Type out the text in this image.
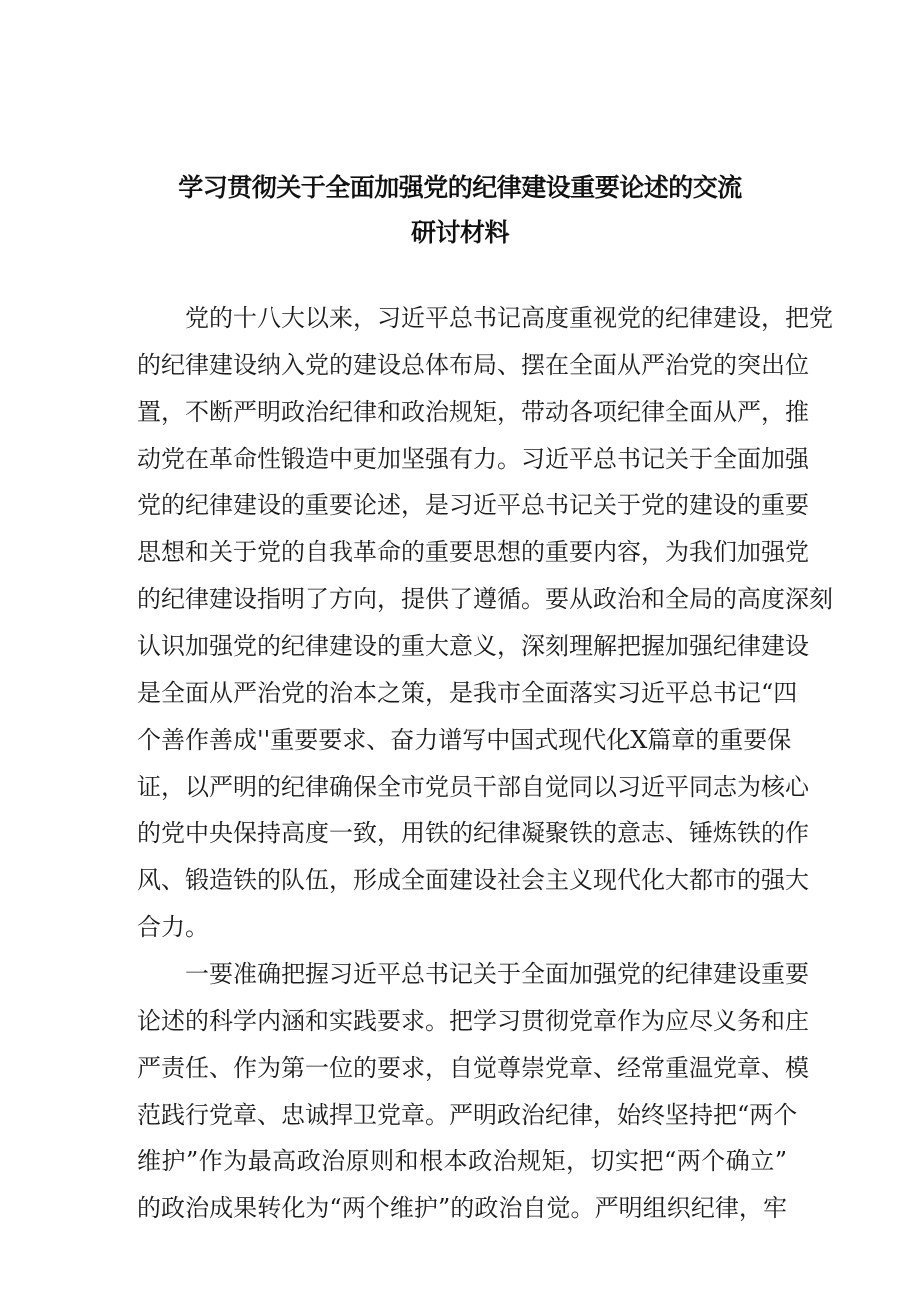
学习贯彻关于全面加强党的纪律建设重要论述的交流
研讨材料
党的十八大以来，习近平总书记高度重视党的纪律建设，把党
的纪律建设纳入党的建设总体布局、摆在全面从严治党的突出位
置，不断严明政治纪律和政治规矩，带动各项纪律全面从严，推
动党在革命性锻造中更加坚强有力。习近平总书记关于全面加强
党的纪律建设的重要论述，是习近平总书记关于党的建设的重要
思想和关于党的自我革命的重要思想的重要内容，为我们加强党
的纪律建设指明了方向，提供了遵循。要从政治和全局的高度深刻
认识加强党的纪律建设的重大意义，深刻理解把握加强纪律建设
是全面从严治党的治本之策，是我市全面落实习近平总书记“四
个善作善成''重要要求、奋力谱写中国式现代化X篇章的重要保
证，以严明的纪律确保全市党员干部自觉同以习近平同志为核心
的党中央保持高度一致，用铁的纪律凝聚铁的意志、锤炼铁的作
风、锻造铁的队伍，形成全面建设社会主义现代化大都市的强大
合力。
一要准确把握习近平总书记关于全面加强党的纪律建设重要
论述的科学内涵和实践要求。把学习贯彻党章作为应尽义务和庄
严责任、作为第一位的要求，自觉尊崇党章、经常重温党章、模
范践行党章、忠诚捍卫党章。严明政治纪律，始终坚持把“两个
维护”作为最高政治原则和根本政治规矩，切实把“两个确立”
的政治成果转化为“两个维护”的政治自觉。严明组织纪律，牢
